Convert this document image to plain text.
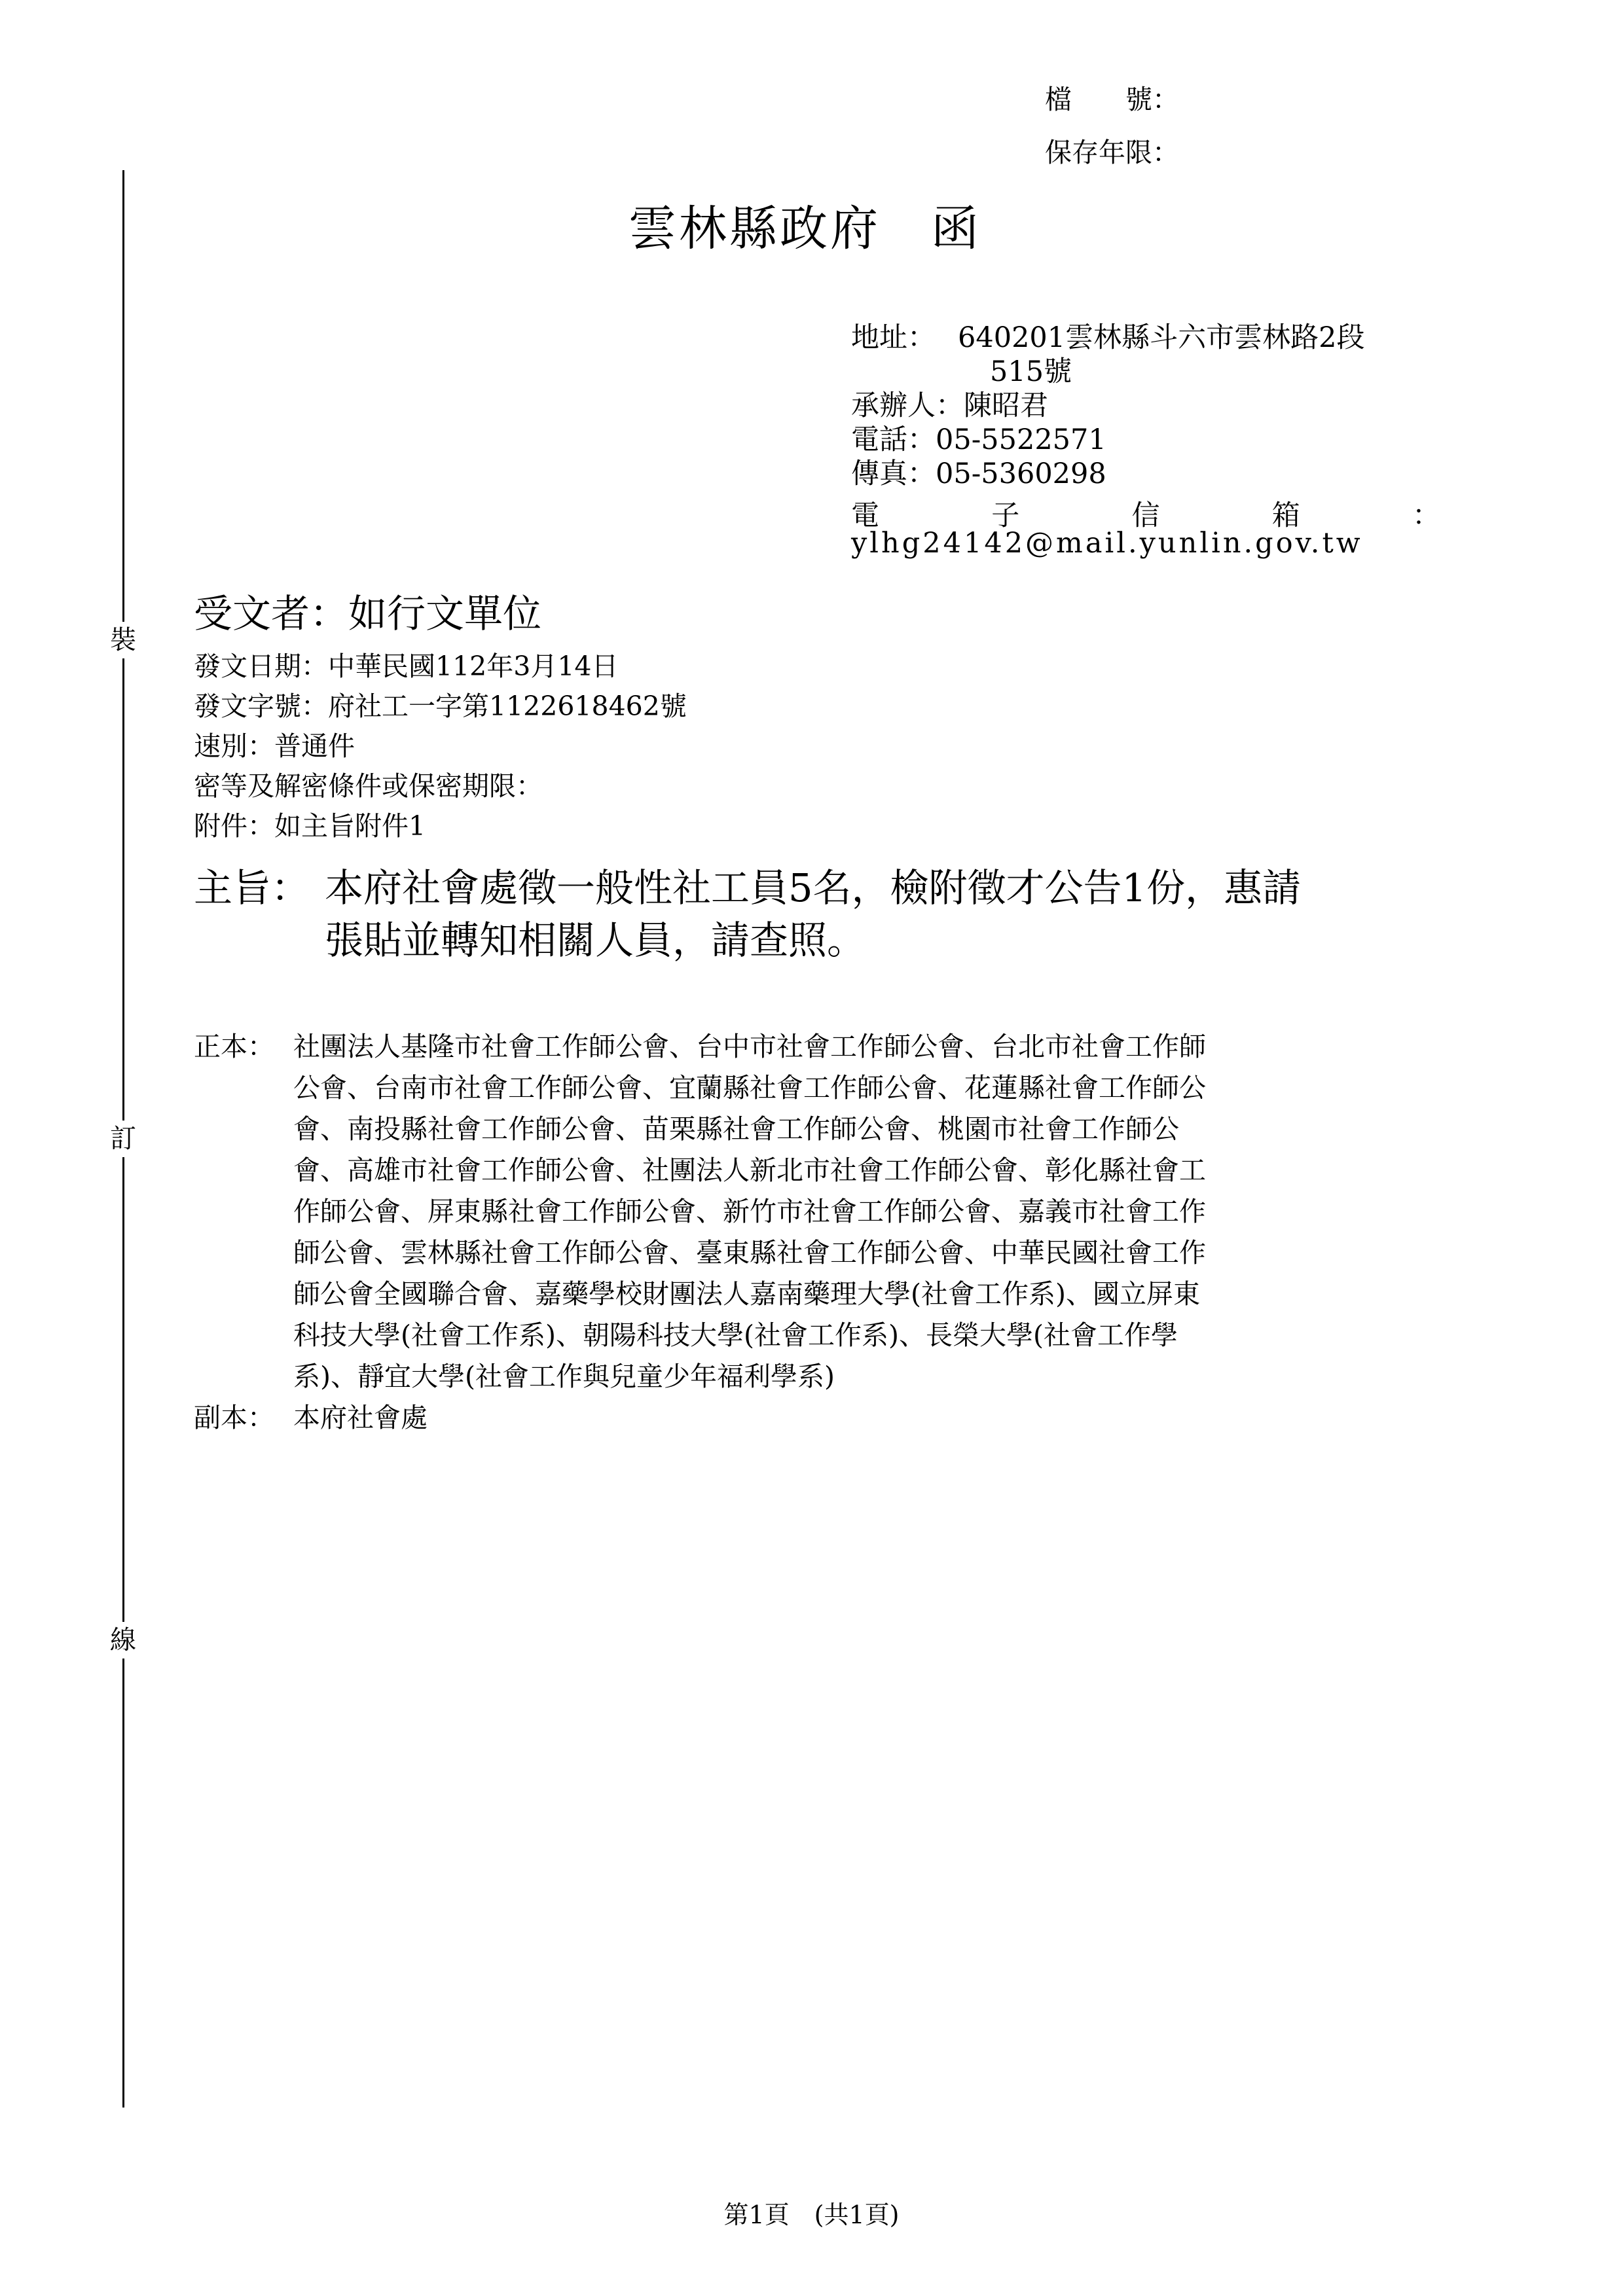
裝
訂
線
檔　　號：
保存年限：
雲林縣政府　函
地址： 640201雲林縣斗六市雲林路2段
515號
承辦人：陳昭君
電話：05-5522571
傳真：05-5360298
電	子	信	箱	：
ylhg24142@mail.yunlin.gov.tw
受文者：如行文單位
發文日期：中華民國112年3月14日
發文字號：府社工一字第1122618462號
速別：普通件
密等及解密條件或保密期限：
附件：如主旨附件1
主旨： 本府社會處徵一般性社工員5名，檢附徵才公告1份，惠請
張貼並轉知相關人員，請查照。
正本： 社團法人基隆市社會工作師公會、台中市社會工作師公會、台北市社會工作師
公會、台南市社會工作師公會、宜蘭縣社會工作師公會、花蓮縣社會工作師公
會、南投縣社會工作師公會、苗栗縣社會工作師公會、桃園市社會工作師公
會、高雄市社會工作師公會、社團法人新北市社會工作師公會、彰化縣社會工
作師公會、屏東縣社會工作師公會、新竹市社會工作師公會、嘉義市社會工作
師公會、雲林縣社會工作師公會、臺東縣社會工作師公會、中華民國社會工作
師公會全國聯合會、嘉藥學校財團法人嘉南藥理大學(社會工作系)、國立屏東
科技大學(社會工作系)、朝陽科技大學(社會工作系)、長榮大學(社會工作學
系)、靜宜大學(社會工作與兒童少年福利學系)
副本： 本府社會處
第1頁　(共1頁)
